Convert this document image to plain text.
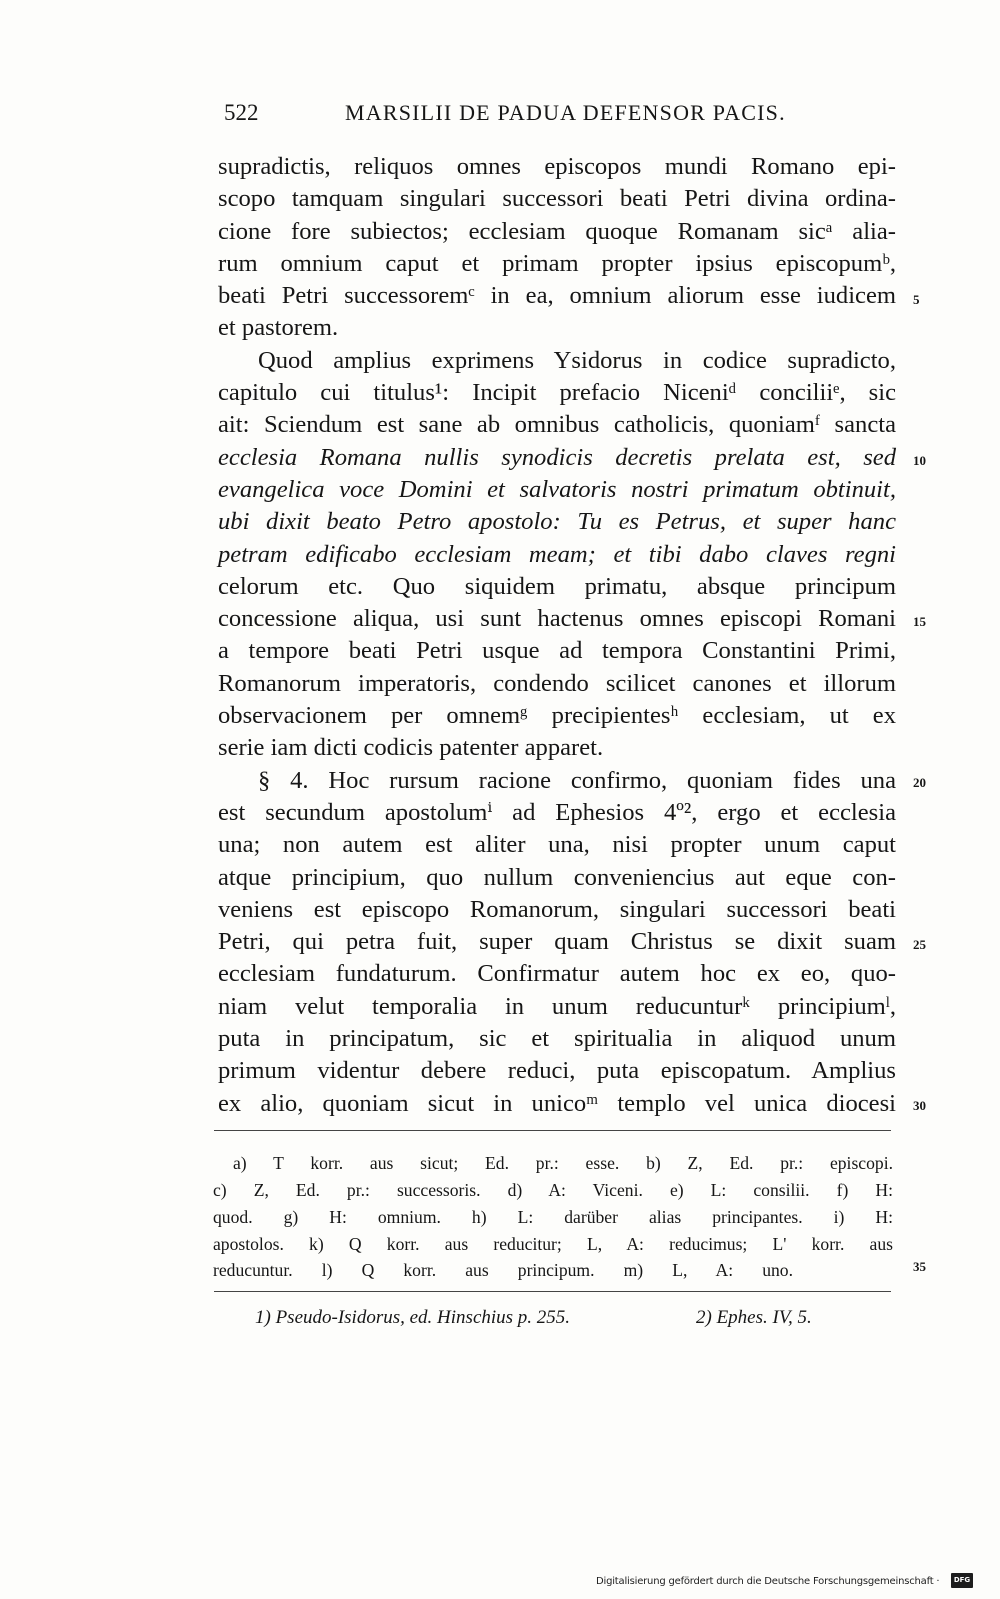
522	MARSILII DE PADUA DEFENSOR PACIS.
supradictis, reliquos omnes episcopos mundi Romano epi-
scopo tamquam singulari successori beati Petri divina ordina-
cione fore subiectos; ecclesiam quoque Romanam sicᵃ alia-
rum omnium caput et primam propter ipsius episcopumᵇ,
beati Petri successoremᶜ in ea, omnium aliorum esse iudicem
et pastorem.
Quod amplius exprimens Ysidorus in codice supradicto,
capitulo cui titulus¹: Incipit prefacio Niceniᵈ conciliiᵉ, sic
ait: Sciendum est sane ab omnibus catholicis, quoniamᶠ sancta
ecclesia Romana nullis synodicis decretis prelata est, sed
evangelica voce Domini et salvatoris nostri primatum obtinuit,
ubi dixit beato Petro apostolo: Tu es Petrus, et super hanc
petram edificabo ecclesiam meam; et tibi dabo claves regni
celorum etc. Quo siquidem primatu, absque principum
concessione aliqua, usi sunt hactenus omnes episcopi Romani
a tempore beati Petri usque ad tempora Constantini Primi,
Romanorum imperatoris, condendo scilicet canones et illorum
observacionem per omnemᵍ precipientesʰ ecclesiam, ut ex
serie iam dicti codicis patenter apparet.
§ 4. Hoc rursum racione confirmo, quoniam fides una
est secundum apostolumⁱ ad Ephesios 4º², ergo et ecclesia
una; non autem est aliter una, nisi propter unum caput
atque principium, quo nullum conveniencius aut eque con-
veniens est episcopo Romanorum, singulari successori beati
Petri, qui petra fuit, super quam Christus se dixit suam
ecclesiam fundaturum. Confirmatur autem hoc ex eo, quo-
niam velut temporalia in unum reducunturᵏ principiumˡ,
puta in principatum, sic et spiritualia in aliquod unum
primum videntur debere reduci, puta episcopatum. Amplius
ex alio, quoniam sicut in unicoᵐ templo vel unica diocesi
5
10
15
20
25
30
a) T korr. aus sicut; Ed. pr.: esse. b) Z, Ed. pr.: episcopi.
c) Z, Ed. pr.: successoris. d) A: Viceni. e) L: consilii. f) H:
quod. g) H: omnium. h) L: darüber alias principantes. i) H:
apostolos. k) Q korr. aus reducitur; L, A: reducimus; L' korr. aus
reducuntur. l) Q korr. aus principum. m) L, A: uno.	35
1) Pseudo-Isidorus, ed. Hinschius p. 255.	2) Ephes. IV, 5.
Digitalisierung gefördert durch die Deutsche Forschungsgemeinschaft ·	DFG
